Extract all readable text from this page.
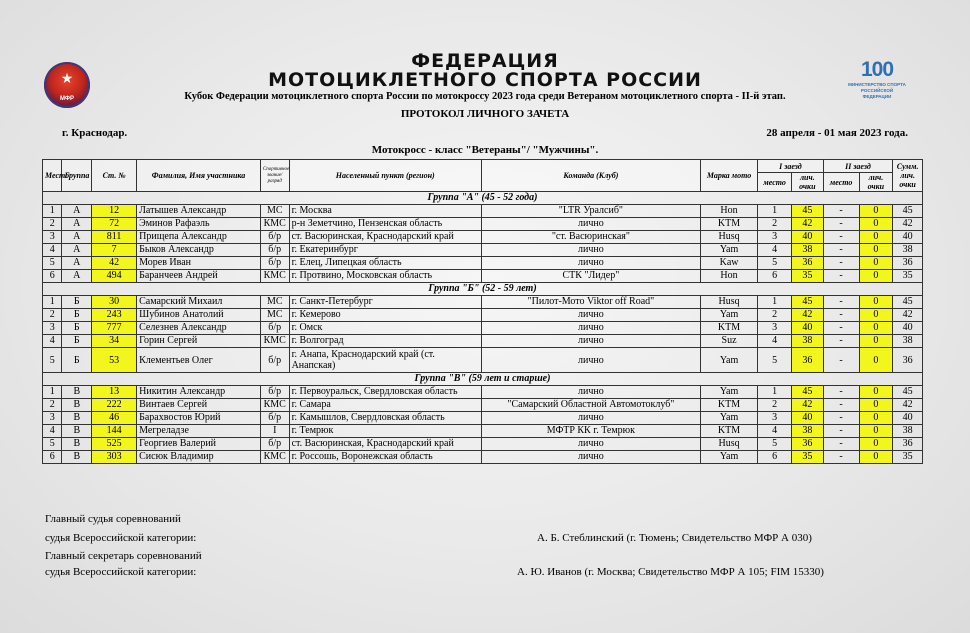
★
МФР
100
МИНИСТЕРСТВО СПОРТА РОССИЙСКОЙ ФЕДЕРАЦИИ
ФЕДЕРАЦИЯ
МОТОЦИКЛЕТНОГО СПОРТА РОССИИ
Кубок Федерации мотоциклетного спорта России по мотокроссу 2023 года среди Ветераном мотоциклетного спорта - II-й этап.
ПРОТОКОЛ ЛИЧНОГО ЗАЧЕТА
г. Краснодар.	28 апреля - 01 мая 2023 года.
Мотокросс - класс "Ветераны"/ "Мужчины".
Место	Группа	Ст. №	Фамилия, Имя участника	Спортивное звание/разряд	Населенный пункт (регион)	Команда (Клуб)	Марка мото	I заезд		II заезд		Сумм. лич. очки
								место	лич. очки	место	лич. очки	
Группа "А" (45 - 52 года)												
1	А	12	Латышев Александр	МС	г. Москва	"LTR Уралсиб"	Hon	1	45	-	0	45
2	А	72	Эминов Рафаэль	КМС	р-н Земетчино, Пензенская область	лично	KTM	2	42	-	0	42
3	А	811	Прищепа Александр	б/р	ст. Васюринская, Краснодарский край	"ст. Васюринская"	Husq	3	40	-	0	40
4	А	7	Быков Александр	б/р	г. Екатеринбург	лично	Yam	4	38	-	0	38
5	А	42	Морев Иван	б/р	г. Елец, Липецкая область	лично	Kaw	5	36	-	0	36
6	А	494	Баранчеев Андрей	КМС	г. Протвино, Московская область	СТК "Лидер"	Hon	6	35	-	0	35
Группа "Б" (52 - 59 лет)												
1	Б	30	Самарский Михаил	МС	г. Санкт-Петербург	"Пилот-Мото Viktor off Road"	Husq	1	45	-	0	45
2	Б	243	Шубинов Анатолий	МС	г. Кемерово	лично	Yam	2	42	-	0	42
3	Б	777	Селезнев Александр	б/р	г. Омск	лично	KTM	3	40	-	0	40
4	Б	34	Горин Сергей	КМС	г. Волгоград	лично	Suz	4	38	-	0	38
5	Б	53	Клементьев Олег	б/р	г. Анапа, Краснодарский край (ст. Анапская)	лично	Yam	5	36	-	0	36
Группа "В" (59 лет и старше)												
1	В	13	Никитин Александр	б/р	г. Первоуральск, Свердловская область	лично	Yam	1	45	-	0	45
2	В	222	Винтаев Сергей	КМС	г. Самара	"Самарский Областной Автомотоклуб"	KTM	2	42	-	0	42
3	В	46	Барахвостов Юрий	б/р	г. Камышлов, Свердловская область	лично	Yam	3	40	-	0	40
4	В	144	Мегреладзе	I	г. Темрюк	МФТР КК г. Темрюк	KTM	4	38	-	0	38
5	В	525	Георгиев Валерий	б/р	ст. Васюринская, Краснодарский край	лично	Husq	5	36	-	0	36
6	В	303	Сисюк Владимир	КМС	г. Россошь, Воронежская область	лично	Yam	6	35	-	0	35
Главный судья соревнований
судья Всероссийской категории:	А. Б. Стеблинский (г. Тюмень; Свидетельство МФР А 030)
Главный секретарь соревнований
судья Всероссийской категории:	А. Ю. Иванов (г. Москва; Свидетельство МФР А 105; FIM 15330)
